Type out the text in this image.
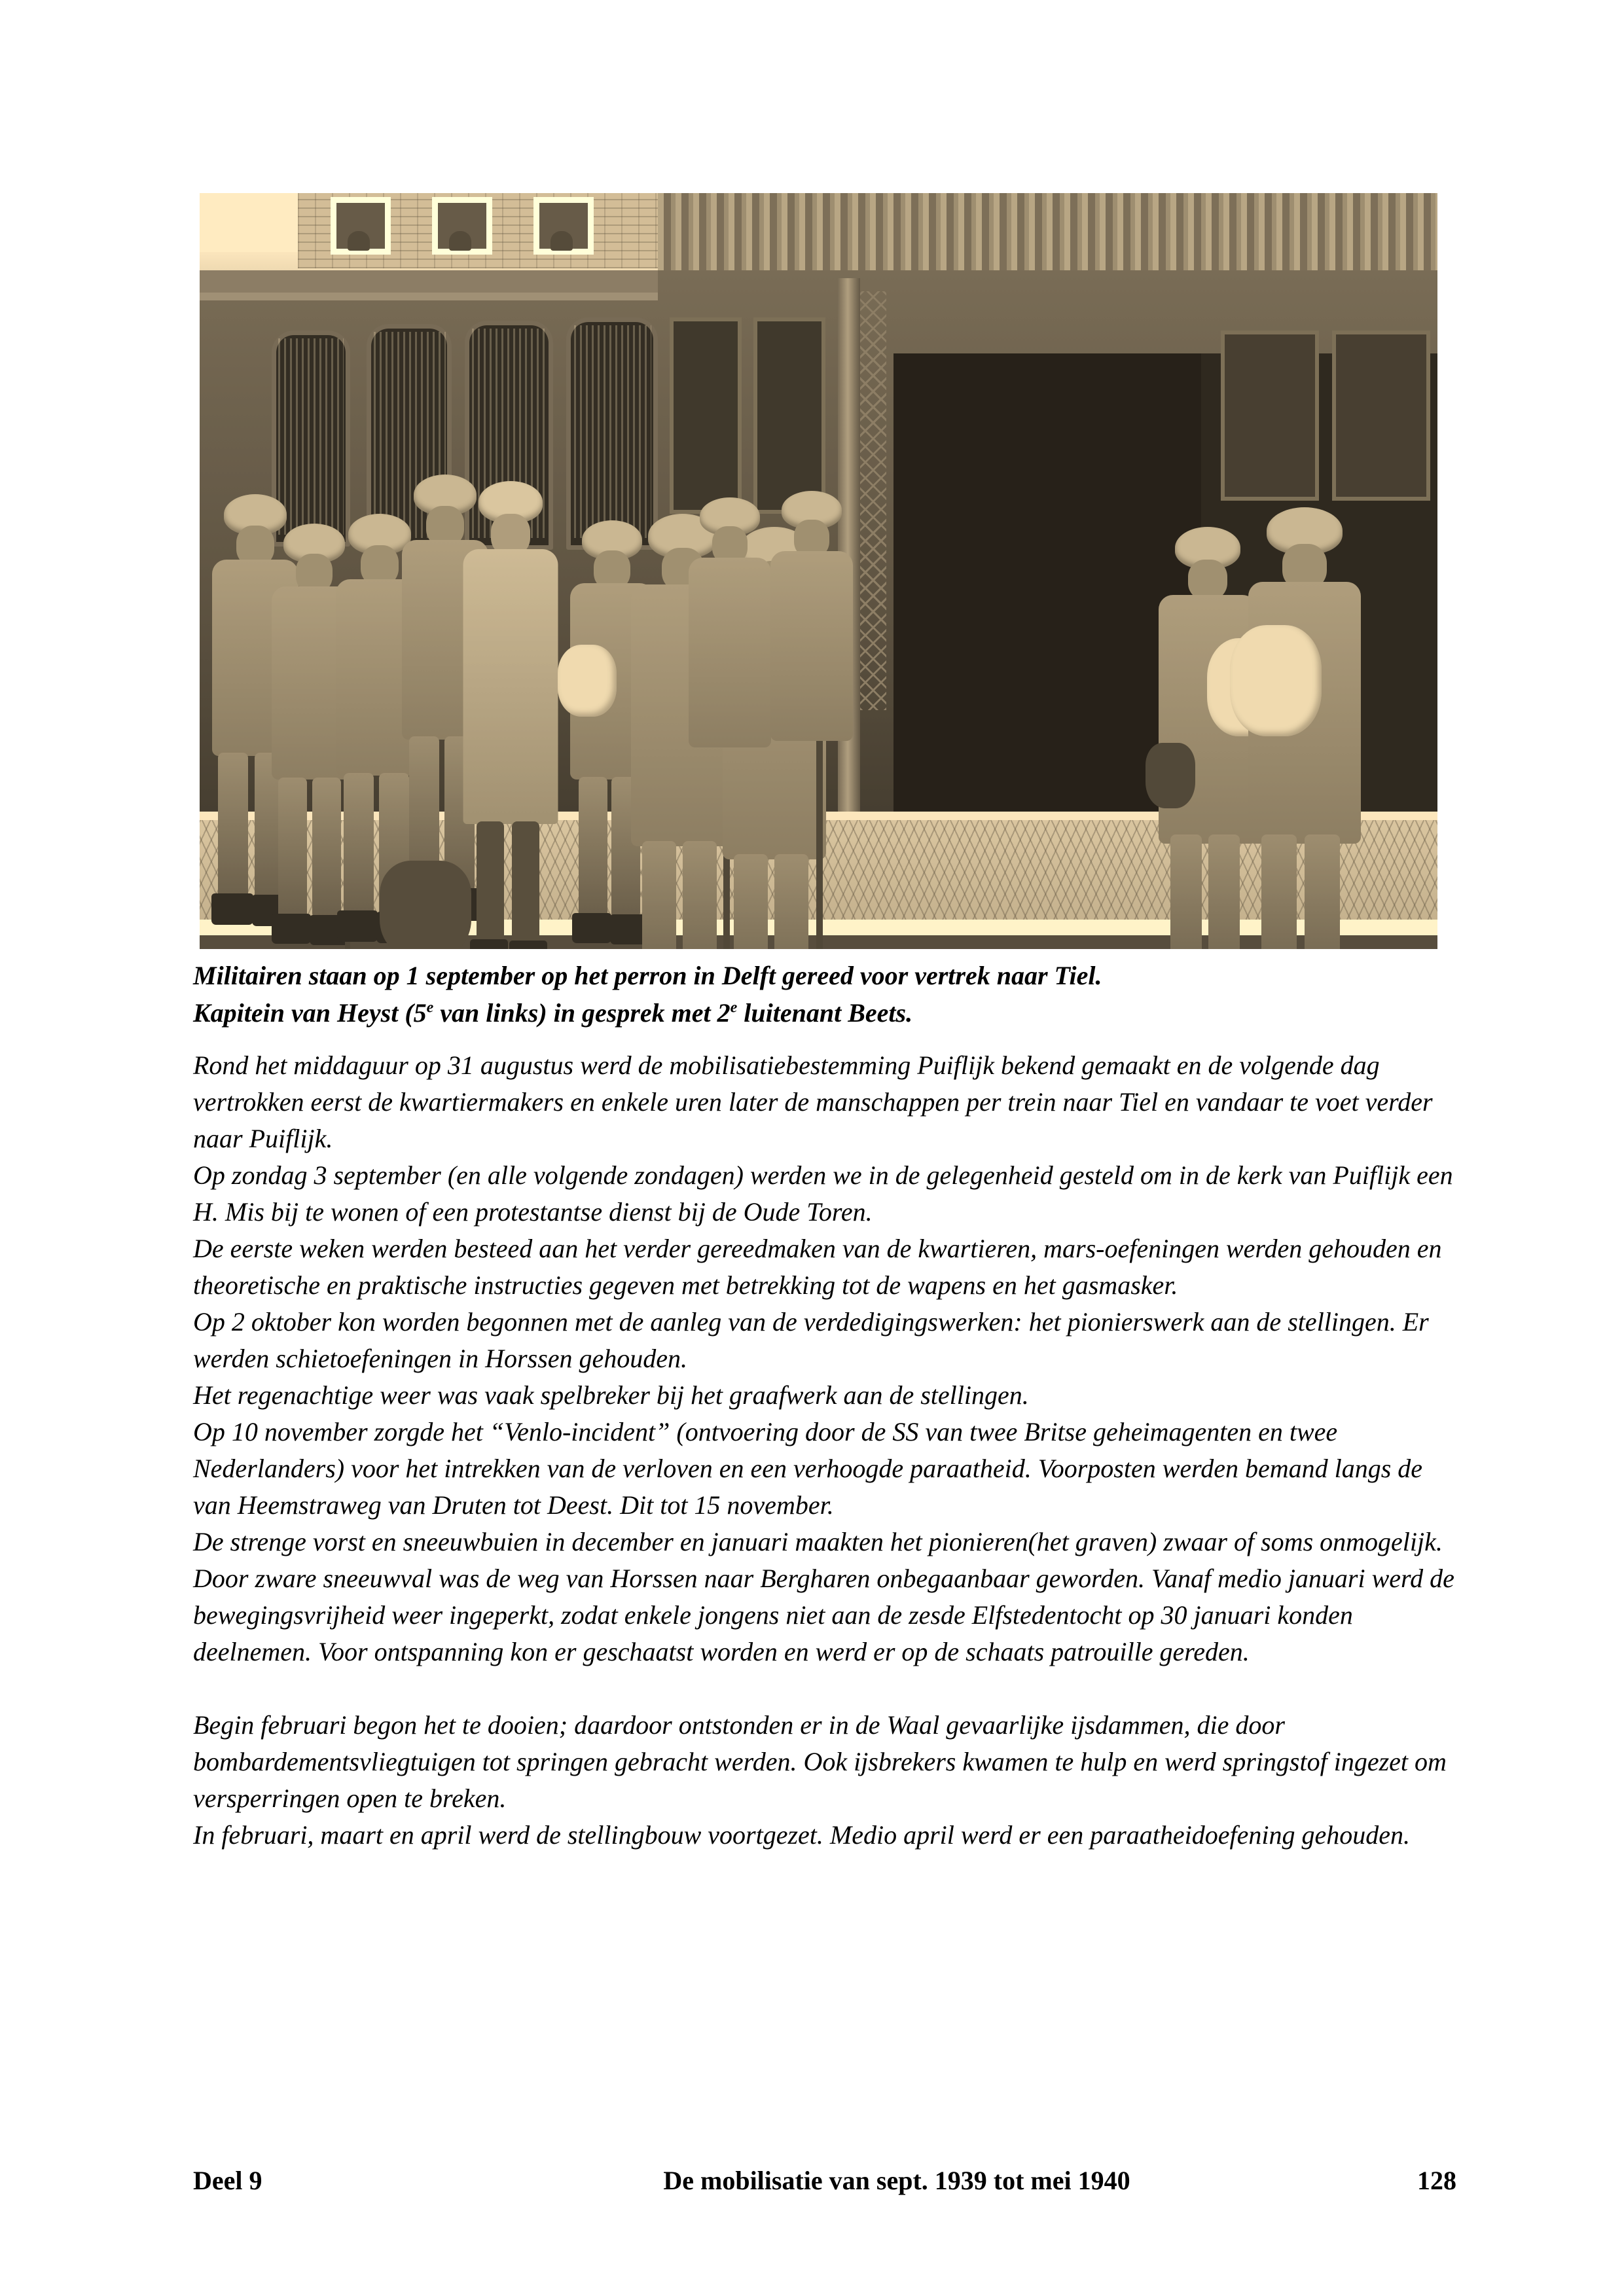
Militairen staan op 1 september op het perron in Delft gereed voor vertrek naar Tiel.
Kapitein van Heyst (5e van links) in gesprek met 2e luitenant Beets.

Rond het middaguur op 31 augustus werd de mobilisatiebestemming Puiflijk bekend gemaakt en de volgende dag vertrokken eerst de kwartiermakers en enkele uren later de manschappen per trein naar Tiel en vandaar te voet verder naar Puiflijk.

Op zondag 3 september (en alle volgende zondagen) werden we in de gelegenheid gesteld om in de kerk van Puiflijk een H. Mis bij te wonen of een protestantse dienst bij de Oude Toren.

De eerste weken werden besteed aan het verder gereedmaken van de kwartieren, mars-oefeningen werden gehouden en theoretische en praktische instructies gegeven met betrekking tot de wapens en het gasmasker.

Op 2 oktober kon worden begonnen met de aanleg van de verdedigingswerken: het pionierswerk aan de stellingen. Er werden schietoefeningen in Horssen gehouden.

Het regenachtige weer was vaak spelbreker bij het graafwerk aan de stellingen.

Op 10 november zorgde het “Venlo-incident” (ontvoering door de SS van twee Britse geheimagenten en twee Nederlanders) voor het intrekken van de verloven en een verhoogde paraatheid. Voorposten werden bemand langs de van Heemstraweg van Druten tot Deest. Dit tot 15 november.

De strenge vorst en sneeuwbuien in december en januari maakten het pionieren(het graven) zwaar of soms onmogelijk. Door zware sneeuwval was de weg van Horssen naar Bergharen onbegaanbaar geworden. Vanaf medio januari werd de bewegingsvrijheid weer ingeperkt, zodat enkele jongens niet aan de zesde Elfstedentocht op 30 januari konden deelnemen. Voor ontspanning kon er geschaatst worden en werd er op de schaats patrouille gereden.

Begin februari begon het te dooien; daardoor ontstonden er in de Waal gevaarlijke ijsdammen, die door bombardementsvliegtuigen tot springen gebracht werden. Ook ijsbrekers kwamen te hulp en werd springstof ingezet om versperringen open te breken.

In februari, maart en april werd de stellingbouw voortgezet. Medio april werd er een paraatheidoefening gehouden.

Deel 9	De mobilisatie van sept. 1939 tot mei 1940	128
